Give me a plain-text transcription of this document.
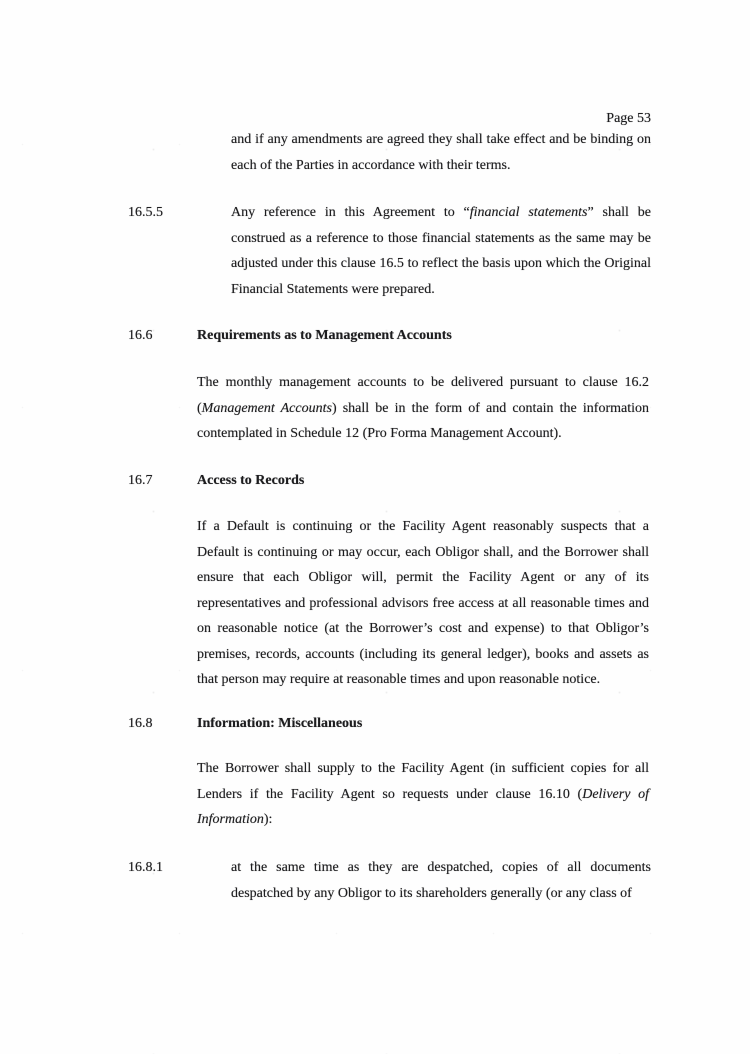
Page 53
and if any amendments are agreed they shall take effect and be binding on each of the Parties in accordance with their terms.
16.5.5	Any reference in this Agreement to “financial statements” shall be construed as a reference to those financial statements as the same may be adjusted under this clause 16.5 to reflect the basis upon which the Original Financial Statements were prepared.
16.6	Requirements as to Management Accounts
The monthly management accounts to be delivered pursuant to clause 16.2 (Management Accounts) shall be in the form of and contain the information contemplated in Schedule 12 (Pro Forma Management Account).
16.7	Access to Records
If a Default is continuing or the Facility Agent reasonably suspects that a Default is continuing or may occur, each Obligor shall, and the Borrower shall ensure that each Obligor will, permit the Facility Agent or any of its representatives and professional advisors free access at all reasonable times and on reasonable notice (at the Borrower’s cost and expense) to that Obligor’s premises, records, accounts (including its general ledger), books and assets as that person may require at reasonable times and upon reasonable notice.
16.8	Information: Miscellaneous
The Borrower shall supply to the Facility Agent (in sufficient copies for all Lenders if the Facility Agent so requests under clause 16.10 (Delivery of Information):
16.8.1	at the same time as they are despatched, copies of all documents despatched by any Obligor to its shareholders generally (or any class of
